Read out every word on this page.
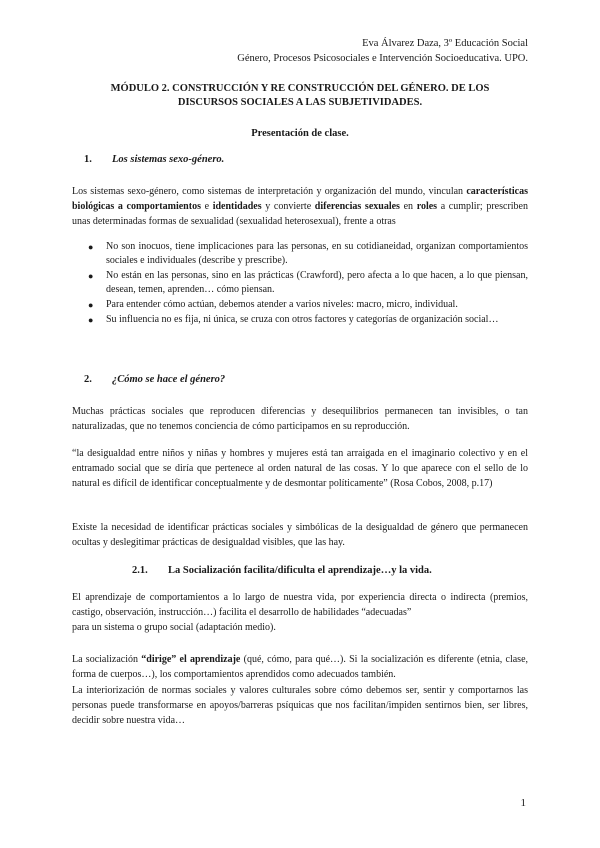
Eva Álvarez Daza, 3º Educación Social
Género, Procesos Psicosociales e Intervención Socioeducativa. UPO.
MÓDULO 2. CONSTRUCCIÓN Y RE CONSTRUCCIÓN DEL GÉNERO. DE LOS
DISCURSOS SOCIALES A LAS SUBJETIVIDADES.
Presentación de clase.
1. Los sistemas sexo-género.
Los sistemas sexo-género, como sistemas de interpretación y organización del mundo, vinculan características biológicas a comportamientos e identidades y convierte diferencias sexuales en roles a cumplir; prescriben unas determinadas formas de sexualidad (sexualidad heterosexual), frente a otras
● No son inocuos, tiene implicaciones para las personas, en su cotidianeidad, organizan comportamientos sociales e individuales (describe y prescribe).
● No están en las personas, sino en las prácticas (Crawford), pero afecta a lo que hacen, a lo que piensan, desean, temen, aprenden… cómo piensan.
● Para entender cómo actúan, debemos atender a varios niveles: macro, micro, individual.
● Su influencia no es fija, ni única, se cruza con otros factores y categorías de organización social…
2. ¿Cómo se hace el género?
Muchas prácticas sociales que reproducen diferencias y desequilibrios permanecen tan invisibles, o tan naturalizadas, que no tenemos conciencia de cómo participamos en su reproducción.
“la desigualdad entre niños y niñas y hombres y mujeres está tan arraigada en el imaginario colectivo y en el entramado social que se diría que pertenece al orden natural de las cosas. Y lo que aparece con el sello de lo natural es difícil de identificar conceptualmente y de desmontar políticamente” (Rosa Cobos, 2008, p.17)
Existe la necesidad de identificar prácticas sociales y simbólicas de la desigualdad de género que permanecen ocultas y deslegitimar prácticas de desigualdad visibles, que las hay.
2.1. La Socialización facilita/dificulta el aprendizaje…y la vida.
El aprendizaje de comportamientos a lo largo de nuestra vida, por experiencia directa o indirecta (premios, castigo, observación, instrucción…) facilita el desarrollo de habilidades “adecuadas”
para un sistema o grupo social (adaptación medio).
La socialización “dirige” el aprendizaje (qué, cómo, para qué…). Si la socialización es diferente (etnia, clase, forma de cuerpos…), los comportamientos aprendidos como adecuados también.
La interiorización de normas sociales y valores culturales sobre cómo debemos ser, sentir y comportarnos las personas puede transformarse en apoyos/barreras psíquicas que nos facilitan/impiden sentirnos bien, ser libres, decidir sobre nuestra vida…
1
